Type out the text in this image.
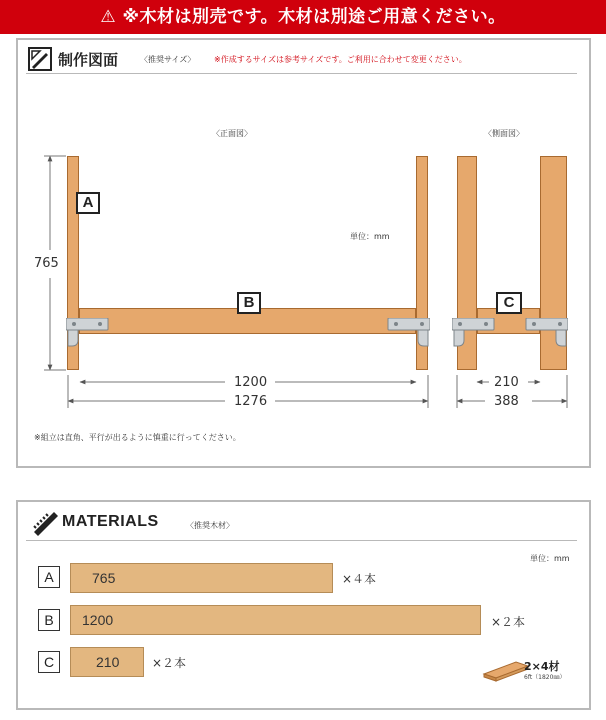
⚠ ※木材は別売です。木材は別途ご用意ください。
制作図面	〈推奨サイズ〉 ※作成するサイズは参考サイズです。ご利用に合わせて変更ください。
〈正面図〉	〈側面図〉
単位：mm
A
B	C
765
1200
1276
210
388
※組立は直角、平行が出るように慎重に行ってください。
MATERIALS	〈推奨木材〉
単位：mm
A	765	×４本
B	1200	×２本
C	210	×２本	2×4材
6ft（1820㎜）
